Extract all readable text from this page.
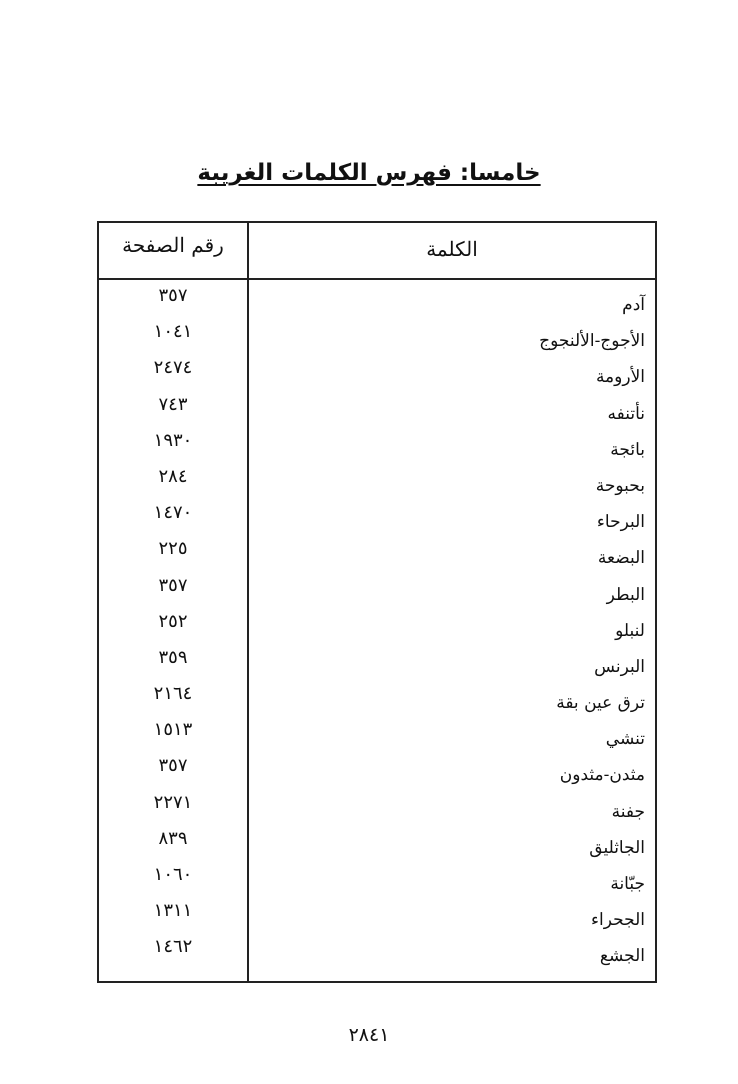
خامسا: فهرس الكلمات الغريبة
رقم الصفحة	الكلمة
٣٥٧	آدم
١٠٤١	الأجوج-الألنجوج
٢٤٧٤	الأرومة
٧٤٣	نأتنفه
١٩٣٠	بائجة
٢٨٤	بحبوحة
١٤٧٠	البرحاء
٢٢٥	البضعة
٣٥٧	البطر
٢٥٢	لنبلو
٣٥٩	البرنس
٢١٦٤	ترق عين بقة
١٥١٣	تنشي
٣٥٧	مثدن-مثدون
٢٢٧١	جفنة
٨٣٩	الجاثليق
١٠٦٠	جبّانة
١٣١١	الجحراء
١٤٦٢	الجشع
٢٨٤١
